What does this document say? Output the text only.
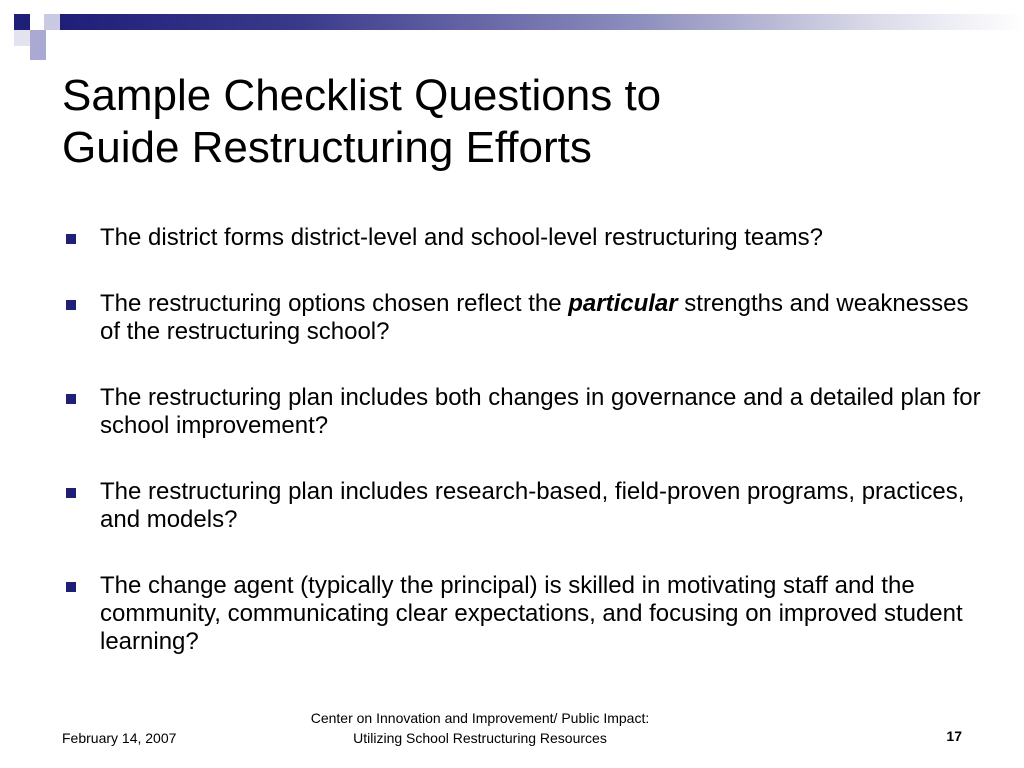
Sample Checklist Questions to
Guide Restructuring Efforts
The district forms district-level and school-level restructuring teams?
The restructuring options chosen reflect the particular strengths and weaknesses of the restructuring school?
The restructuring plan includes both changes in governance and a detailed plan for school improvement?
The restructuring plan includes research-based, field-proven programs, practices, and models?
The change agent (typically the principal) is skilled in motivating staff and the community, communicating clear expectations, and focusing on improved student learning?
February 14, 2007
Center on Innovation and Improvement/ Public Impact:
Utilizing School Restructuring Resources	17
